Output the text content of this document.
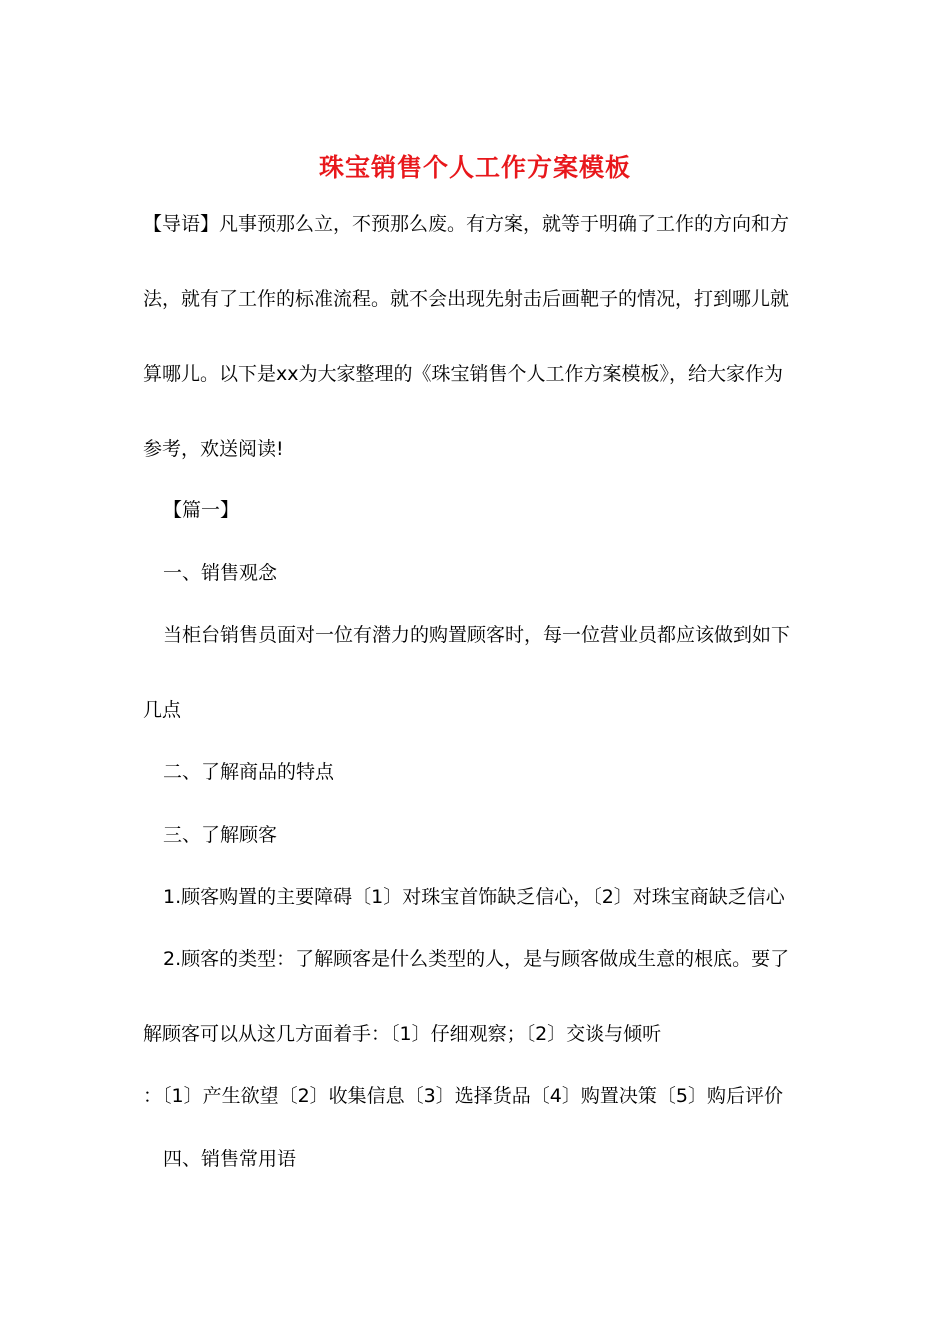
珠宝销售个人工作方案模板
【导语】凡事预那么立，不预那么废。有方案，就等于明确了工作的方向和方
法，就有了工作的标准流程。就不会出现先射击后画靶子的情况，打到哪儿就
算哪儿。以下是xx为大家整理的《珠宝销售个人工作方案模板》，给大家作为
参考，欢送阅读!
【篇一】
一、销售观念
当柜台销售员面对一位有潜力的购置顾客时，每一位营业员都应该做到如下
几点
二、了解商品的特点
三、了解顾客
1.顾客购置的主要障碍〔1〕对珠宝首饰缺乏信心，〔2〕对珠宝商缺乏信心
2.顾客的类型：了解顾客是什么类型的人，是与顾客做成生意的根底。要了
解顾客可以从这几方面着手：〔1〕仔细观察；〔2〕交谈与倾听
：〔1〕产生欲望〔2〕收集信息〔3〕选择货品〔4〕购置决策〔5〕购后评价
四、销售常用语
